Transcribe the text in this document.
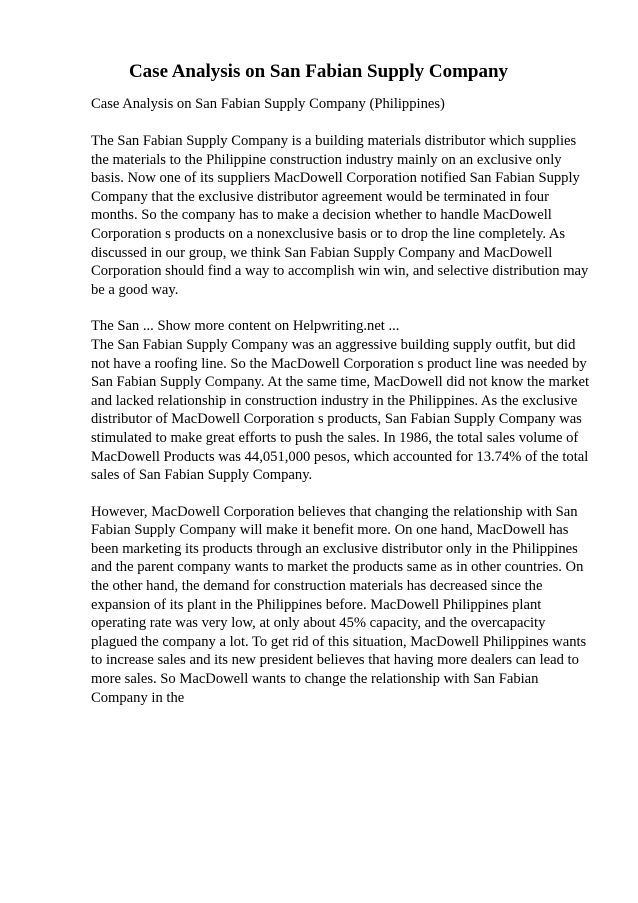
Case Analysis on San Fabian Supply Company

Case Analysis on San Fabian Supply Company (Philippines)

The San Fabian Supply Company is a building materials distributor which supplies the materials to the Philippine construction industry mainly on an exclusive only basis. Now one of its suppliers MacDowell Corporation notified San Fabian Supply Company that the exclusive distributor agreement would be terminated in four months. So the company has to make a decision whether to handle MacDowell Corporation s products on a nonexclusive basis or to drop the line completely. As discussed in our group, we think San Fabian Supply Company and MacDowell Corporation should find a way to accomplish win win, and selective distribution may be a good way.

The San ... Show more content on Helpwriting.net ...

The San Fabian Supply Company was an aggressive building supply outfit, but did not have a roofing line. So the MacDowell Corporation s product line was needed by San Fabian Supply Company. At the same time, MacDowell did not know the market and lacked relationship in construction industry in the Philippines. As the exclusive distributor of MacDowell Corporation s products, San Fabian Supply Company was stimulated to make great efforts to push the sales. In 1986, the total sales volume of MacDowell Products was 44,051,000 pesos, which accounted for 13.74% of the total sales of San Fabian Supply Company.

However, MacDowell Corporation believes that changing the relationship with San Fabian Supply Company will make it benefit more. On one hand, MacDowell has been marketing its products through an exclusive distributor only in the Philippines and the parent company wants to market the products same as in other countries. On the other hand, the demand for construction materials has decreased since the expansion of its plant in the Philippines before. MacDowell Philippines plant operating rate was very low, at only about 45% capacity, and the overcapacity plagued the company a lot. To get rid of this situation, MacDowell Philippines wants to increase sales and its new president believes that having more dealers can lead to more sales. So MacDowell wants to change the relationship with San Fabian Company in the
